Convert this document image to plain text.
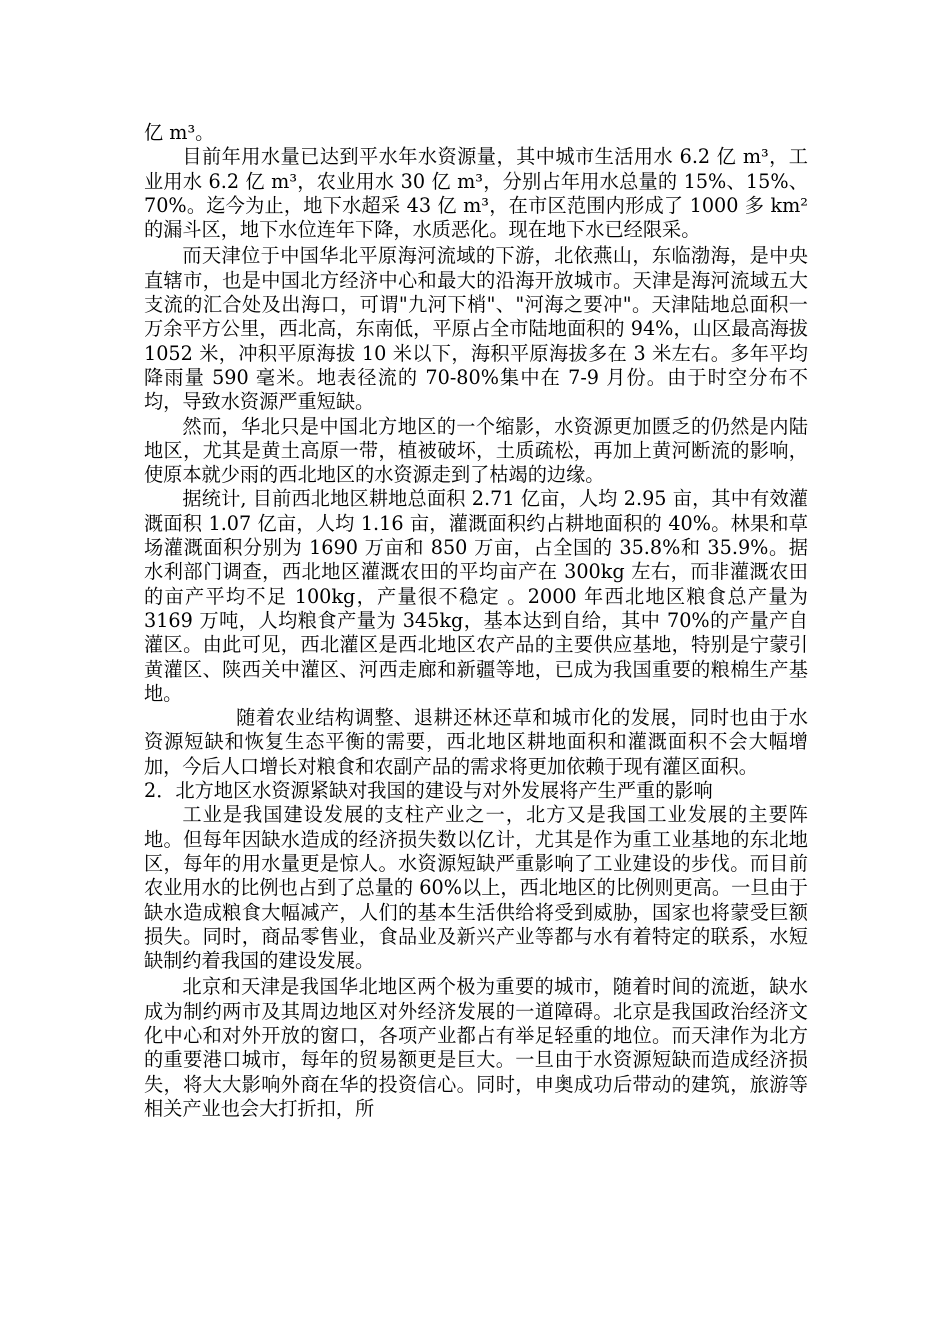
亿 m³。

目前年用水量已达到平水年水资源量，其中城市生活用水 6.2 亿 m³，工业用水 6.2 亿 m³，农业用水 30 亿 m³，分别占年用水总量的 15%、15%、70%。迄今为止，地下水超采 43 亿 m³，在市区范围内形成了 1000 多 km²的漏斗区，地下水位连年下降，水质恶化。现在地下水已经限采。

而天津位于中国华北平原海河流域的下游，北依燕山，东临渤海，是中央直辖市，也是中国北方经济中心和最大的沿海开放城市。天津是海河流域五大支流的汇合处及出海口，可谓"九河下梢"、"河海之要冲"。天津陆地总面积一万余平方公里，西北高，东南低，平原占全市陆地面积的 94%，山区最高海拔 1052 米，冲积平原海拔 10 米以下，海积平原海拔多在 3 米左右。多年平均降雨量 590 毫米。地表径流的 70-80%集中在 7-9 月份。由于时空分布不均，导致水资源严重短缺。

然而，华北只是中国北方地区的一个缩影，水资源更加匮乏的仍然是内陆地区，尤其是黄土高原一带，植被破坏，土质疏松，再加上黄河断流的影响，使原本就少雨的西北地区的水资源走到了枯竭的边缘。

据统计, 目前西北地区耕地总面积 2.71 亿亩，人均 2.95 亩，其中有效灌溉面积 1.07 亿亩，人均 1.16 亩，灌溉面积约占耕地面积的 40%。林果和草场灌溉面积分别为 1690 万亩和 850 万亩，占全国的 35.8%和 35.9%。据水利部门调查，西北地区灌溉农田的平均亩产在 300kg 左右，而非灌溉农田的亩产平均不足 100kg，产量很不稳定 。2000 年西北地区粮食总产量为 3169 万吨，人均粮食产量为 345kg，基本达到自给，其中 70%的产量产自灌区。由此可见，西北灌区是西北地区农产品的主要供应基地，特别是宁蒙引黄灌区、陕西关中灌区、河西走廊和新疆等地，已成为我国重要的粮棉生产基地。

随着农业结构调整、退耕还林还草和城市化的发展，同时也由于水资源短缺和恢复生态平衡的需要，西北地区耕地面积和灌溉面积不会大幅增加，今后人口增长对粮食和农副产品的需求将更加依赖于现有灌区面积。

2．北方地区水资源紧缺对我国的建设与对外发展将产生严重的影响

工业是我国建设发展的支柱产业之一，北方又是我国工业发展的主要阵地。但每年因缺水造成的经济损失数以亿计，尤其是作为重工业基地的东北地区，每年的用水量更是惊人。水资源短缺严重影响了工业建设的步伐。而目前农业用水的比例也占到了总量的 60%以上，西北地区的比例则更高。一旦由于缺水造成粮食大幅减产，人们的基本生活供给将受到威胁，国家也将蒙受巨额损失。同时，商品零售业，食品业及新兴产业等都与水有着特定的联系，水短缺制约着我国的建设发展。

北京和天津是我国华北地区两个极为重要的城市，随着时间的流逝，缺水成为制约两市及其周边地区对外经济发展的一道障碍。北京是我国政治经济文化中心和对外开放的窗口，各项产业都占有举足轻重的地位。而天津作为北方的重要港口城市，每年的贸易额更是巨大。一旦由于水资源短缺而造成经济损失，将大大影响外商在华的投资信心。同时，申奥成功后带动的建筑，旅游等相关产业也会大打折扣，所
